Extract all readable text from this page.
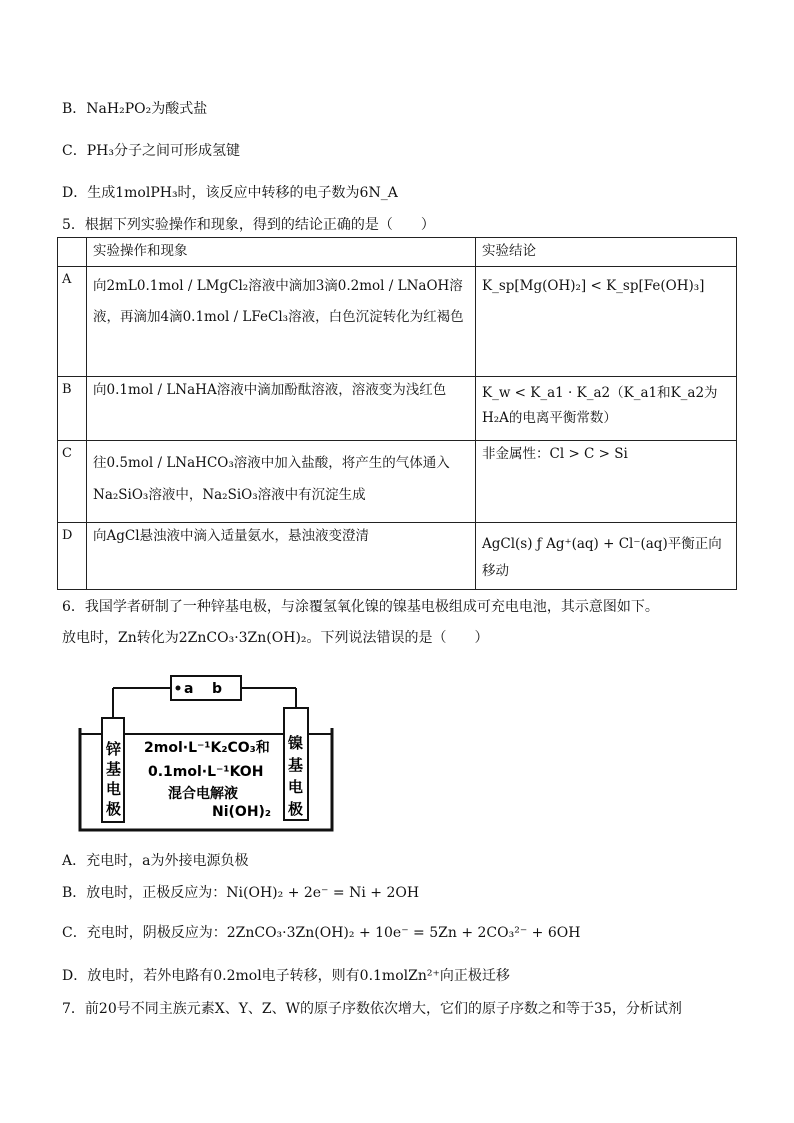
B．NaH₂PO₂为酸式盐
C．PH₃分子之间可形成氢键
D．生成1molPH₃时，该反应中转移的电子数为6N_A
5．根据下列实验操作和现象，得到的结论正确的是（　　）
	实验操作和现象	实验结论
A	向2mL0.1mol / LMgCl₂溶液中滴加3滴0.2mol / LNaOH溶液，再滴加4滴0.1mol / LFeCl₃溶液，白色沉淀转化为红褐色	K_sp[Mg(OH)₂] < K_sp[Fe(OH)₃]
B	向0.1mol / LNaHA溶液中滴加酚酞溶液，溶液变为浅红色	K_w < K_a1 · K_a2（K_a1和K_a2为H₂A的电离平衡常数）
C	往0.5mol / LNaHCO₃溶液中加入盐酸，将产生的气体通入Na₂SiO₃溶液中，Na₂SiO₃溶液中有沉淀生成	非金属性：Cl > C > Si
D	向AgCl悬浊液中滴入适量氨水，悬浊液变澄清	AgCl(s) ƒ Ag⁺(aq) + Cl⁻(aq)平衡正向移动
6．我国学者研制了一种锌基电极，与涂覆氢氧化镍的镍基电极组成可充电电池，其示意图如下。
放电时，Zn转化为2ZnCO₃·3Zn(OH)₂。下列说法错误的是（　　）
a b
锌
基
电
极
镍
基
电
极
2mol·L⁻¹K₂CO₃和
0.1mol·L⁻¹KOH
混合电解液
Ni(OH)₂
A．充电时，a为外接电源负极
B．放电时，正极反应为：Ni(OH)₂ + 2e⁻ = Ni + 2OH
C．充电时，阴极反应为：2ZnCO₃·3Zn(OH)₂ + 10e⁻ = 5Zn + 2CO₃²⁻ + 6OH
D．放电时，若外电路有0.2mol电子转移，则有0.1molZn²⁺向正极迁移
7．前20号不同主族元素X、Y、Z、W的原子序数依次增大，它们的原子序数之和等于35，分析试剂
